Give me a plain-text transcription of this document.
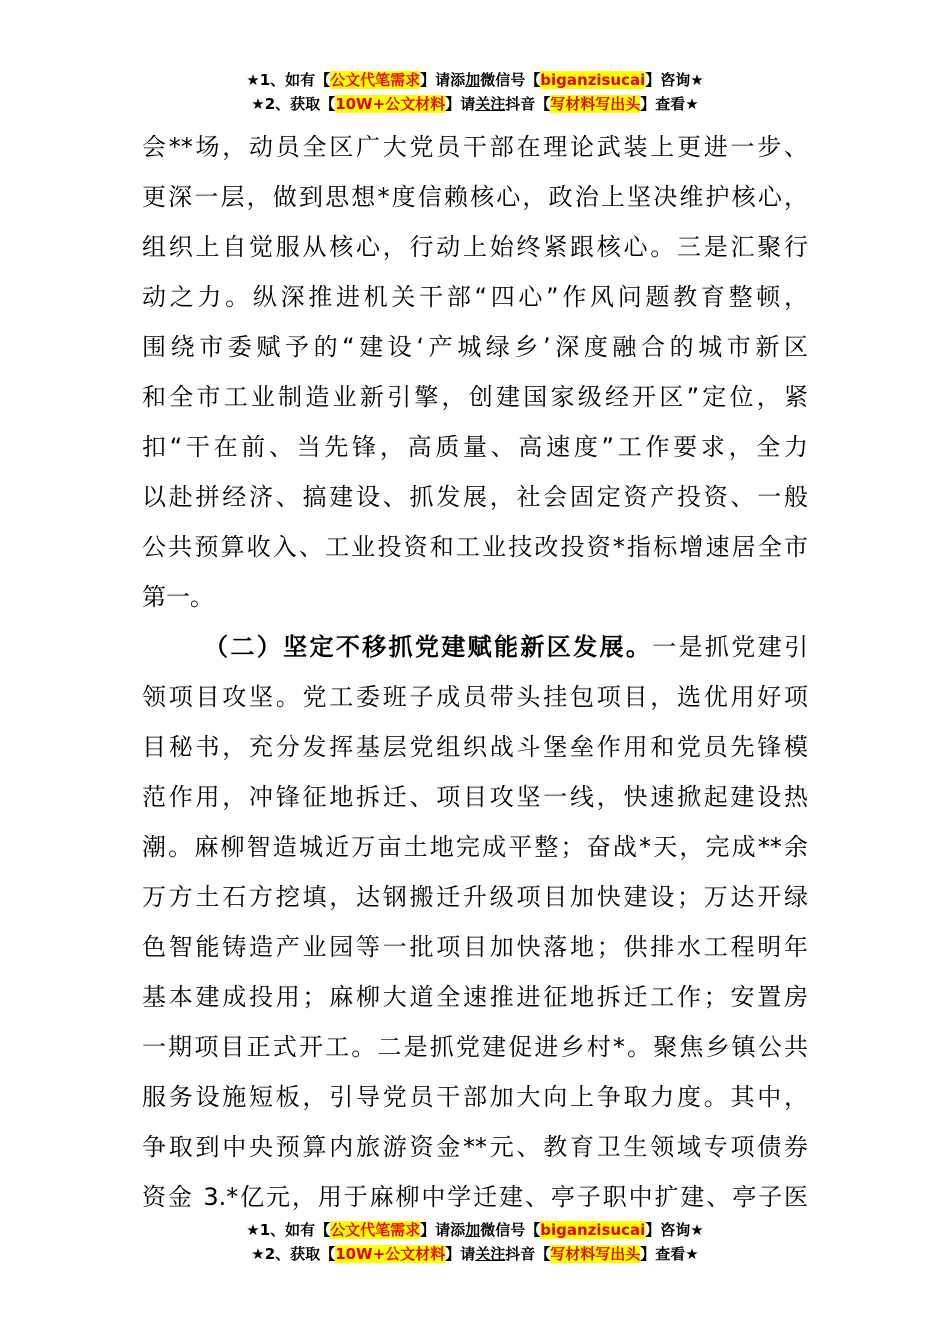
★1、如有【公文代笔需求】请添加微信号【biganzisucai】咨询★
★2、获取【10W+公文材料】请关注抖音【写材料写出头】查看★
会**场，动员全区广大党员干部在理论武装上更进一步、
更深一层，做到思想*度信赖核心，政治上坚决维护核心，
组织上自觉服从核心，行动上始终紧跟核心。三是汇聚行
动之力。纵深推进机关干部“四心”作风问题教育整顿，
围绕市委赋予的“建设‘产城绿乡’深度融合的城市新区
和全市工业制造业新引擎，创建国家级经开区”定位，紧
扣“干在前、当先锋，高质量、高速度”工作要求，全力
以赴拼经济、搞建设、抓发展，社会固定资产投资、一般
公共预算收入、工业投资和工业技改投资*指标增速居全市
第一。
（二）坚定不移抓党建赋能新区发展。一是抓党建引
领项目攻坚。党工委班子成员带头挂包项目，选优用好项
目秘书，充分发挥基层党组织战斗堡垒作用和党员先锋模
范作用，冲锋征地拆迁、项目攻坚一线，快速掀起建设热
潮。麻柳智造城近万亩土地完成平整；奋战*天，完成**余
万方土石方挖填，达钢搬迁升级项目加快建设；万达开绿
色智能铸造产业园等一批项目加快落地；供排水工程明年
基本建成投用；麻柳大道全速推进征地拆迁工作；安置房
一期项目正式开工。二是抓党建促进乡村*。聚焦乡镇公共
服务设施短板，引导党员干部加大向上争取力度。其中，
争取到中央预算内旅游资金**元、教育卫生领域专项债券
资金 3.*亿元，用于麻柳中学迁建、亭子职中扩建、亭子医
★1、如有【公文代笔需求】请添加微信号【biganzisucai】咨询★
★2、获取【10W+公文材料】请关注抖音【写材料写出头】查看★
